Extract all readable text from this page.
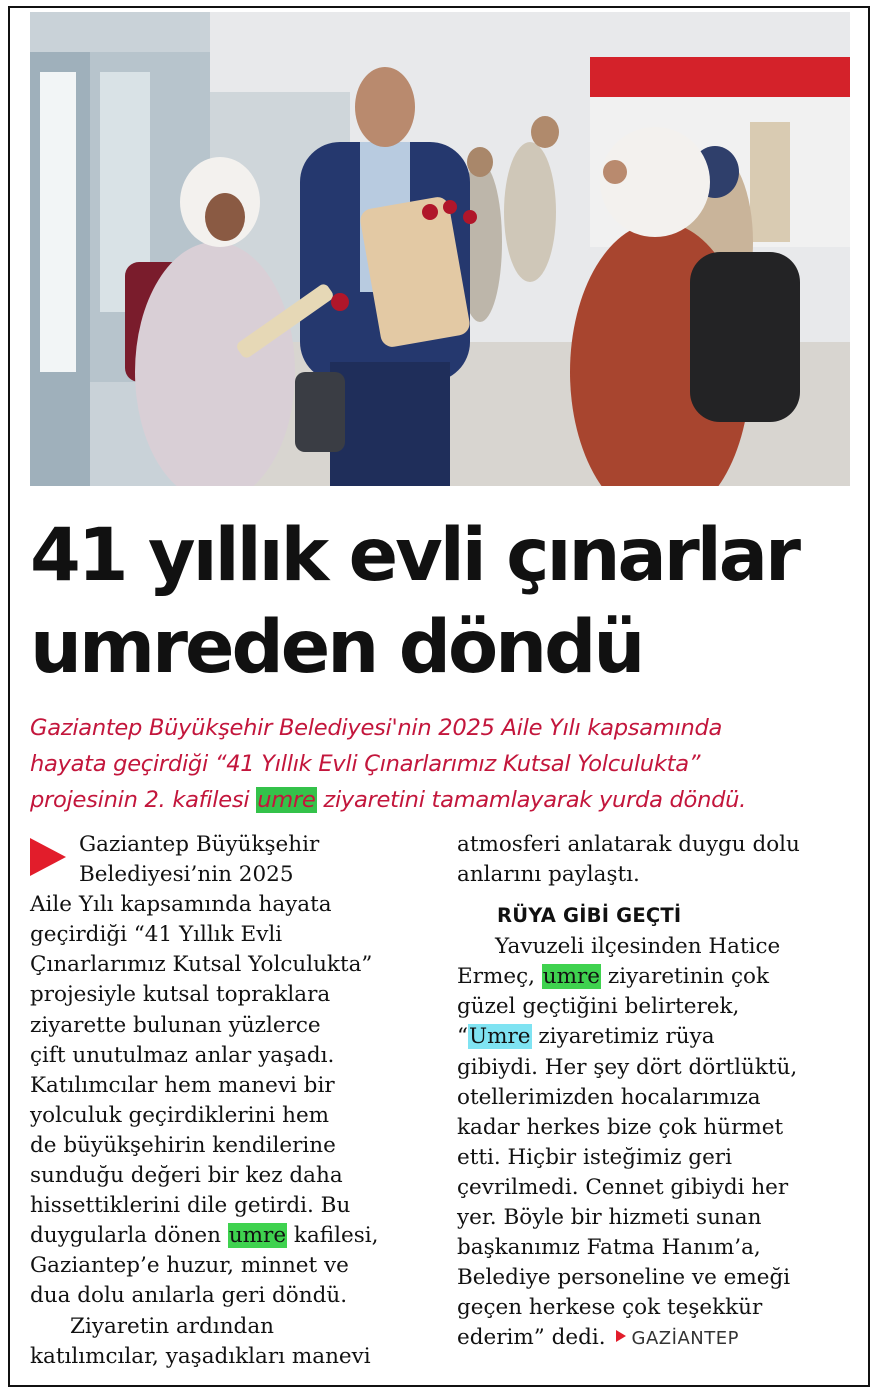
41 yıllık evli çınarlar
umreden döndü

Gaziantep Büyükşehir Belediyesi'nin 2025 Aile Yılı kapsamında
hayata geçirdiği “41 Yıllık Evli Çınarlarımız Kutsal Yolculukta”
projesinin 2. kafilesi umre ziyaretini tamamlayarak yurda döndü.

Gaziantep Büyükşehir
Belediyesi’nin 2025
Aile Yılı kapsamında hayata
geçirdiği “41 Yıllık Evli
Çınarlarımız Kutsal Yolculukta”
projesiyle kutsal topraklara
ziyarette bulunan yüzlerce
çift unutulmaz anlar yaşadı.
Katılımcılar hem manevi bir
yolculuk geçirdiklerini hem
de büyükşehirin kendilerine
sunduğu değeri bir kez daha
hissettiklerini dile getirdi. Bu
duygularla dönen umre kafilesi,
Gaziantep’e huzur, minnet ve
dua dolu anılarla geri döndü.
Ziyaretin ardından
katılımcılar, yaşadıkları manevi
atmosferi anlatarak duygu dolu
anlarını paylaştı.
RÜYA GİBİ GEÇTİ
Yavuzeli ilçesinden Hatice
Ermeç, umre ziyaretinin çok
güzel geçtiğini belirterek,
“Umre ziyaretimiz rüya
gibiydi. Her şey dört dörtlüktü,
otellerimizden hocalarımıza
kadar herkes bize çok hürmet
etti. Hiçbir isteğimiz geri
çevrilmedi. Cennet gibiydi her
yer. Böyle bir hizmeti sunan
başkanımız Fatma Hanım’a,
Belediye personeline ve emeği
geçen herkese çok teşekkür
ederim” dedi. GAZİANTEP
